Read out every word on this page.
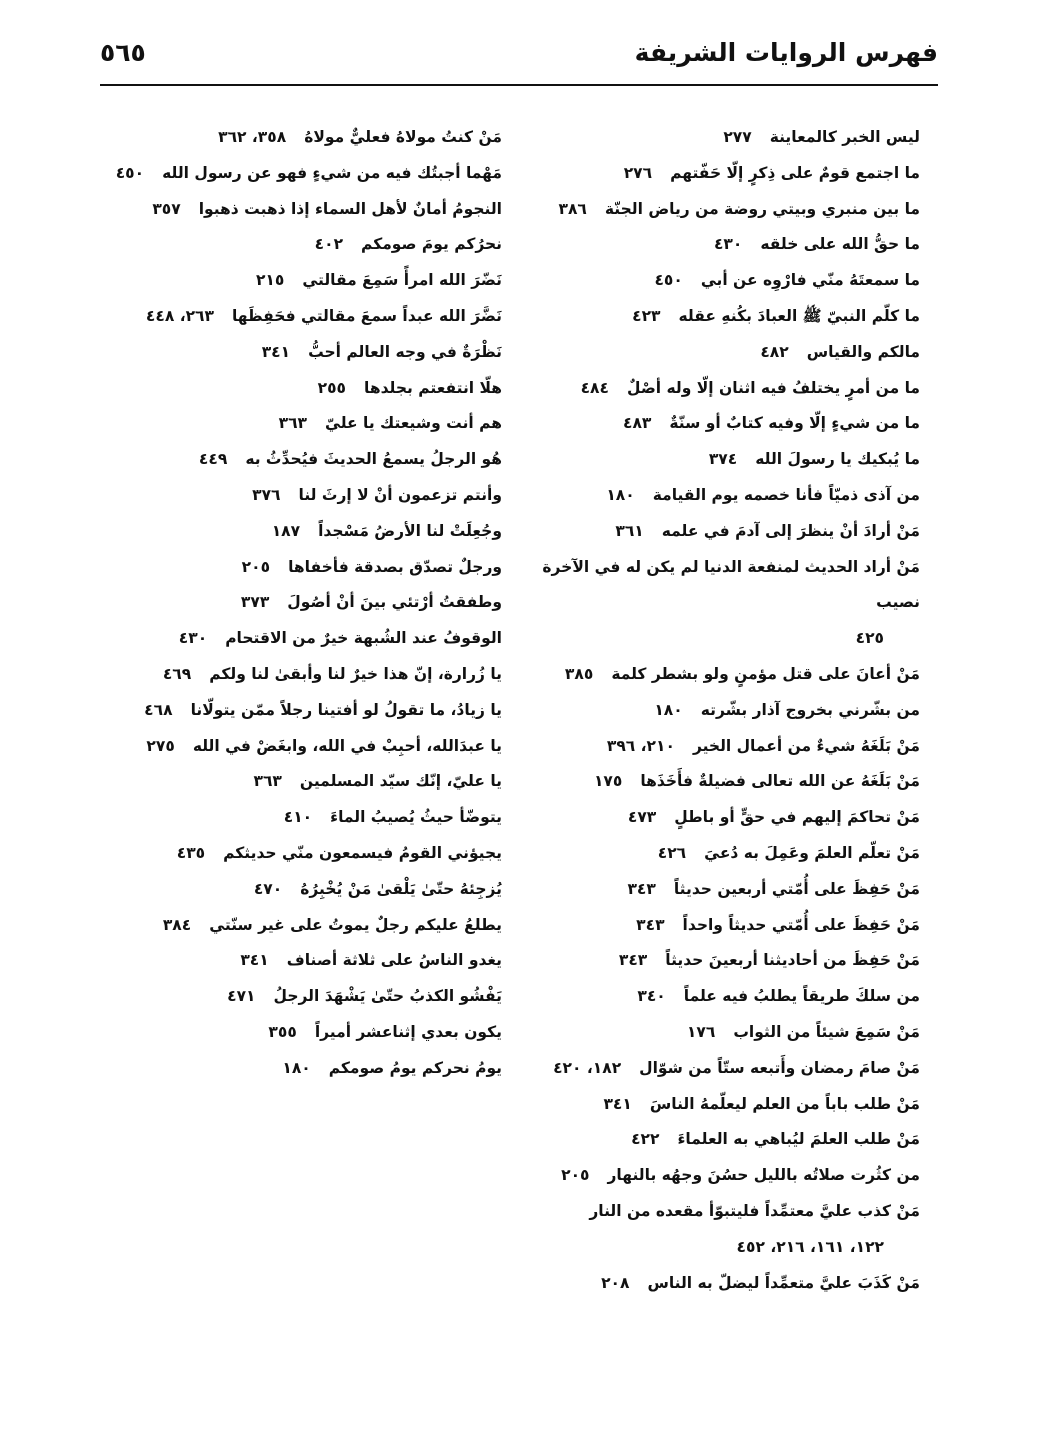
فهرس الروايات الشريفة
٥٦٥
ليس الخبر كالمعاينة٢٧٧
ما اجتمع قومٌ على ذِكرٍ إلّا حَفّتهم٢٧٦
ما بين منبري وبيتي روضة من رياض الجنّة٣٨٦
ما حقُّ الله على خلقه٤٣٠
ما سمعتَهُ منّي فارْوِه عن أبي٤٥٠
ما كلّم النبيّ ﷺ العبادَ بكُنهِ عقله٤٢٣
مالكم والقياس٤٨٢
ما من أمرٍ يختلفُ فيه اثنان إلّا وله أصْلٌ٤٨٤
ما من شيءٍ إلّا وفيه كتابٌ أو سنّةٌ٤٨٣
ما يُبكيك يا رسولَ الله٣٧٤
من آذى ذميّاً فأنا خصمه يوم القيامة١٨٠
مَنْ أرادَ أنْ ينظرَ إلى آدمَ في علمه٣٦١
مَنْ أراد الحديث لمنفعة الدنيا لم يكن له في الآخرة نصيب
٤٢٥
مَنْ أعانَ على قتل مؤمنٍ ولو بشطر كلمة٣٨٥
من بشّرني بخروج آذار بشّرته١٨٠
مَنْ بَلَغَهُ شيءٌ من أعمال الخير٢١٠، ٣٩٦
مَنْ بَلَغَهُ عن الله تعالى فضيلةٌ فأَخَذَها١٧٥
مَنْ تحاكمَ إليهم في حقٍّ أو باطلٍ٤٧٣
مَنْ تعلّم العلمَ وعَمِلَ به دُعيَ٤٢٦
مَنْ حَفِظَ على أُمّتي أربعين حديثاً٣٤٣
مَنْ حَفِظَ على أُمّتي حديثاً واحداً٣٤٣
مَنْ حَفِظَ من أحاديثنا أربعينَ حديثاً٣٤٣
من سلكَ طريقاً يطلبُ فيه علماً٣٤٠
مَنْ سَمِعَ شيئاً من الثواب١٧٦
مَنْ صامَ رمضان وأَتبعه ستّاً من شوّال١٨٢، ٤٢٠
مَنْ طلب باباً من العلم ليعلّمهُ الناسَ٣٤١
مَنْ طلب العلمَ ليُباهي به العلماءَ٤٢٢
من كثُرت صلاتُه بالليل حسُنَ وجهُه بالنهار٢٠٥
مَنْ كذب عليَّ معتمِّداً فليتبوّأ مقعده من النار
١٢٢، ١٦١، ٢١٦، ٤٥٢
مَنْ كَذَبَ عليَّ متعمِّداً ليضلّ به الناس٢٠٨
مَنْ كنتُ مولاهُ فعليٌّ مولاهُ٣٥٨، ٣٦٢
مَهْما أجبتُك فيه من شيءٍ فهو عن رسول الله٤٥٠
النجومُ أمانٌ لأهل السماء إذا ذهبت ذهبوا٣٥٧
نحرُكم يومَ صومكم٤٠٢
نَضّرَ الله امرأً سَمِعَ مقالتي٢١٥
نَضَّرَ الله عبداً سمعَ مقالتي فحَفِظَها٢٦٣، ٤٤٨
نَظْرَةٌ في وجه العالم أحبُّ٣٤١
هلّا انتفعتم بجلدها٢٥٥
هم أنت وشيعتك يا عليّ٣٦٣
هُو الرجلُ يسمعُ الحديثَ فيُحدِّثُ به٤٤٩
وأنتم تزعمون أنْ لا إرثَ لنا٣٧٦
وجُعِلَتْ لنا الأرضُ مَسْجداً١٨٧
ورجلٌ تصدّق بصدقة فأخفاها٢٠٥
وطفقتُ أرْتئي بينَ أنْ أصُولَ٣٧٣
الوقوفُ عند الشُبهة خيرٌ من الاقتحام٤٣٠
يا زُرارة، إنّ هذا خيرٌ لنا وأبقىٰ لنا ولكم٤٦٩
يا زيادُ، ما تقولُ لو أفتينا رجلاً ممّن يتولّانا٤٦٨
يا عبدَالله، أحبِبْ في الله، وابغَضْ في الله٢٧٥
يا عليّ، إنّك سيّد المسلمين٣٦٣
يتوضّأ حيثُ يُصيبُ الماءَ٤١٠
يجيؤني القومُ فيسمعون منّي حديثكم٤٣٥
يُزجِئهُ حتّىٰ يَلْقىٰ مَنْ يُخْبِرُهُ٤٧٠
يطلعُ عليكم رجلٌ يموتُ على غير سنّتي٣٨٤
يغدو الناسُ على ثلاثة أصناف٣٤١
يَفْشُو الكذبُ حتّىٰ يَشْهَدَ الرجلُ٤٧١
يكون بعدي إثناعشر أميراً٣٥٥
يومُ نحركم يومُ صومكم١٨٠
